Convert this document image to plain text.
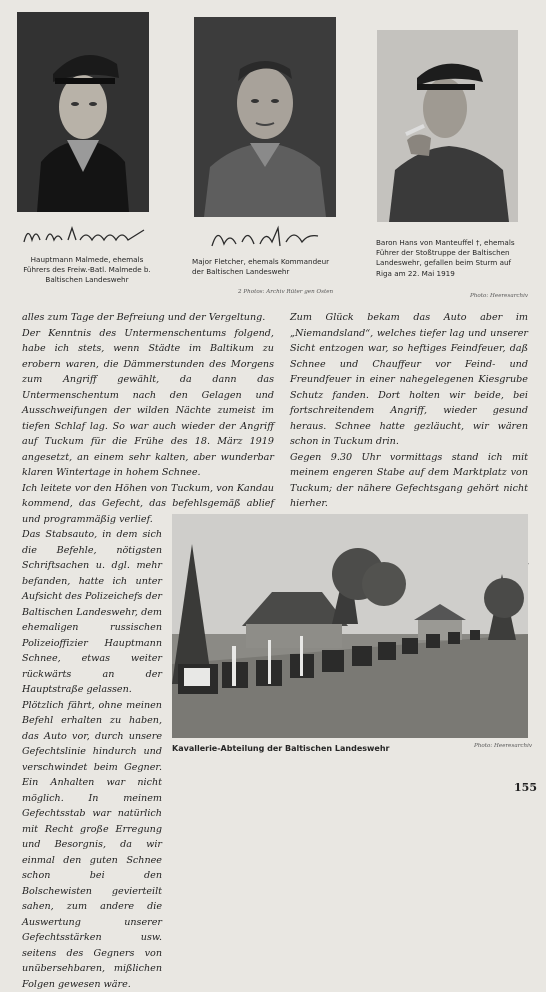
Hauptmann Malmede, ehemals Führers des Freiw.-Batl. Malmede b. Baltischen Landeswehr
Major Fletcher, ehemals Kommandeur der Baltischen Landeswehr
Baron Hans von Manteuffel †, ehemals Führer der Stoßtruppe der Baltischen Landeswehr, gefallen beim Sturm auf Riga am 22. Mai 1919
2 Photos: Archiv Rüter gen Osten
Photo: Heeresarchiv

alles zum Tage der Befreiung und der Vergeltung.

Der Kenntnis des Untermenschentums folgend, habe ich stets, wenn Städte im Baltikum zu erobern waren, die Dämmerstunden des Morgens zum Angriff gewählt, da dann das Untermenschentum nach den Gelagen und Ausschweifungen der wilden Nächte zumeist im tiefen Schlaf lag. So war auch wieder der Angriff auf Tuckum für die Frühe des 18. März 1919 angesetzt, an einem sehr kalten, aber wunderbar klaren Wintertage in hohem Schnee.

Ich leitete vor den Höhen von Tuckum, von Kandau kommend, das Gefecht, das befehlsgemäß ablief und programmäßig verlief.

Das Stabsauto, in dem sich die Befehle, nötigsten Schriftsachen u. dgl. mehr befanden, hatte ich unter Aufsicht des Polizeichefs der Baltischen Landeswehr, dem ehemaligen russischen Polizeioffizier Hauptmann Schnee, etwas weiter rückwärts an der Hauptstraße gelassen.

Plötzlich fährt, ohne meinen Befehl erhalten zu haben, das Auto vor, durch unsere Gefechtslinie hindurch und verschwindet beim Gegner. Ein Anhalten war nicht möglich. In meinem Gefechtsstab war natürlich mit Recht große Erregung und Besorgnis, da wir einmal den guten Schnee schon bei den Bolschewisten gevierteilt sahen, zum andere die Auswertung unserer Gefechtsstärken usw. seitens des Gegners von unübersehbaren, mißlichen Folgen gewesen wäre.

Zum Glück bekam das Auto aber im „Niemandsland“, welches tiefer lag und unserer Sicht entzogen war, so heftiges Feindfeuer, daß Schnee und Chauffeur vor Feind- und Freundfeuer in einer nahegelegenen Kiesgrube Schutz fanden. Dort holten wir beide, bei fortschreitendem Angriff, wieder gesund heraus. Schnee hatte gezläucht, wir wären schon in Tuckum drin.

Gegen 9.30 Uhr vormittags stand ich mit meinem engeren Stabe auf dem Marktplatz von Tuckum; der nähere Gefechtsgang gehört nicht hierher.

Kavallerie-Abteilung der Baltischen Landeswehr	Photo: Heeresarchiv
155
